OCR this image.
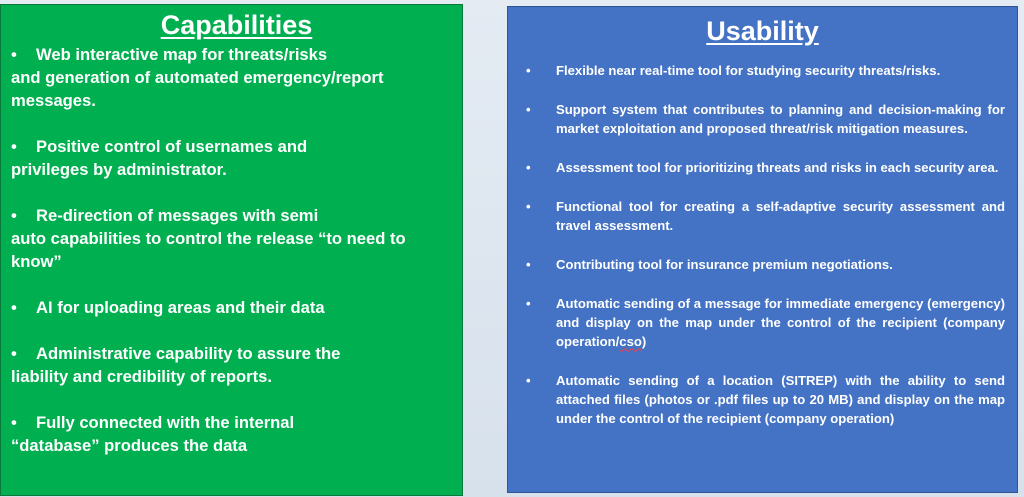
Capabilities
• Web interactive map for threats/risks
and generation of automated emergency/report messages.
• Positive control of usernames and
privileges by administrator.
• Re-direction of messages with semi
auto capabilities to control the release “to need to know”
• AI for uploading areas and their data
• Administrative capability to assure the
liability and credibility of reports.
• Fully connected with the internal
“database” produces the data
Usability
• Flexible near real-time tool for studying security threats/risks.
• Support system that contributes to planning and decision-making for market exploitation and proposed threat/risk mitigation measures.
• Assessment tool for prioritizing threats and risks in each security area.
• Functional tool for creating a self-adaptive security assessment and travel assessment.
• Contributing tool for insurance premium negotiations.
• Automatic sending of a message for immediate emergency (emergency) and display on the map under the control of the recipient (company operation/cso)
• Automatic sending of a location (SITREP) with the ability to send attached files (photos or .pdf files up to 20 MB) and display on the map under the control of the recipient (company operation)
